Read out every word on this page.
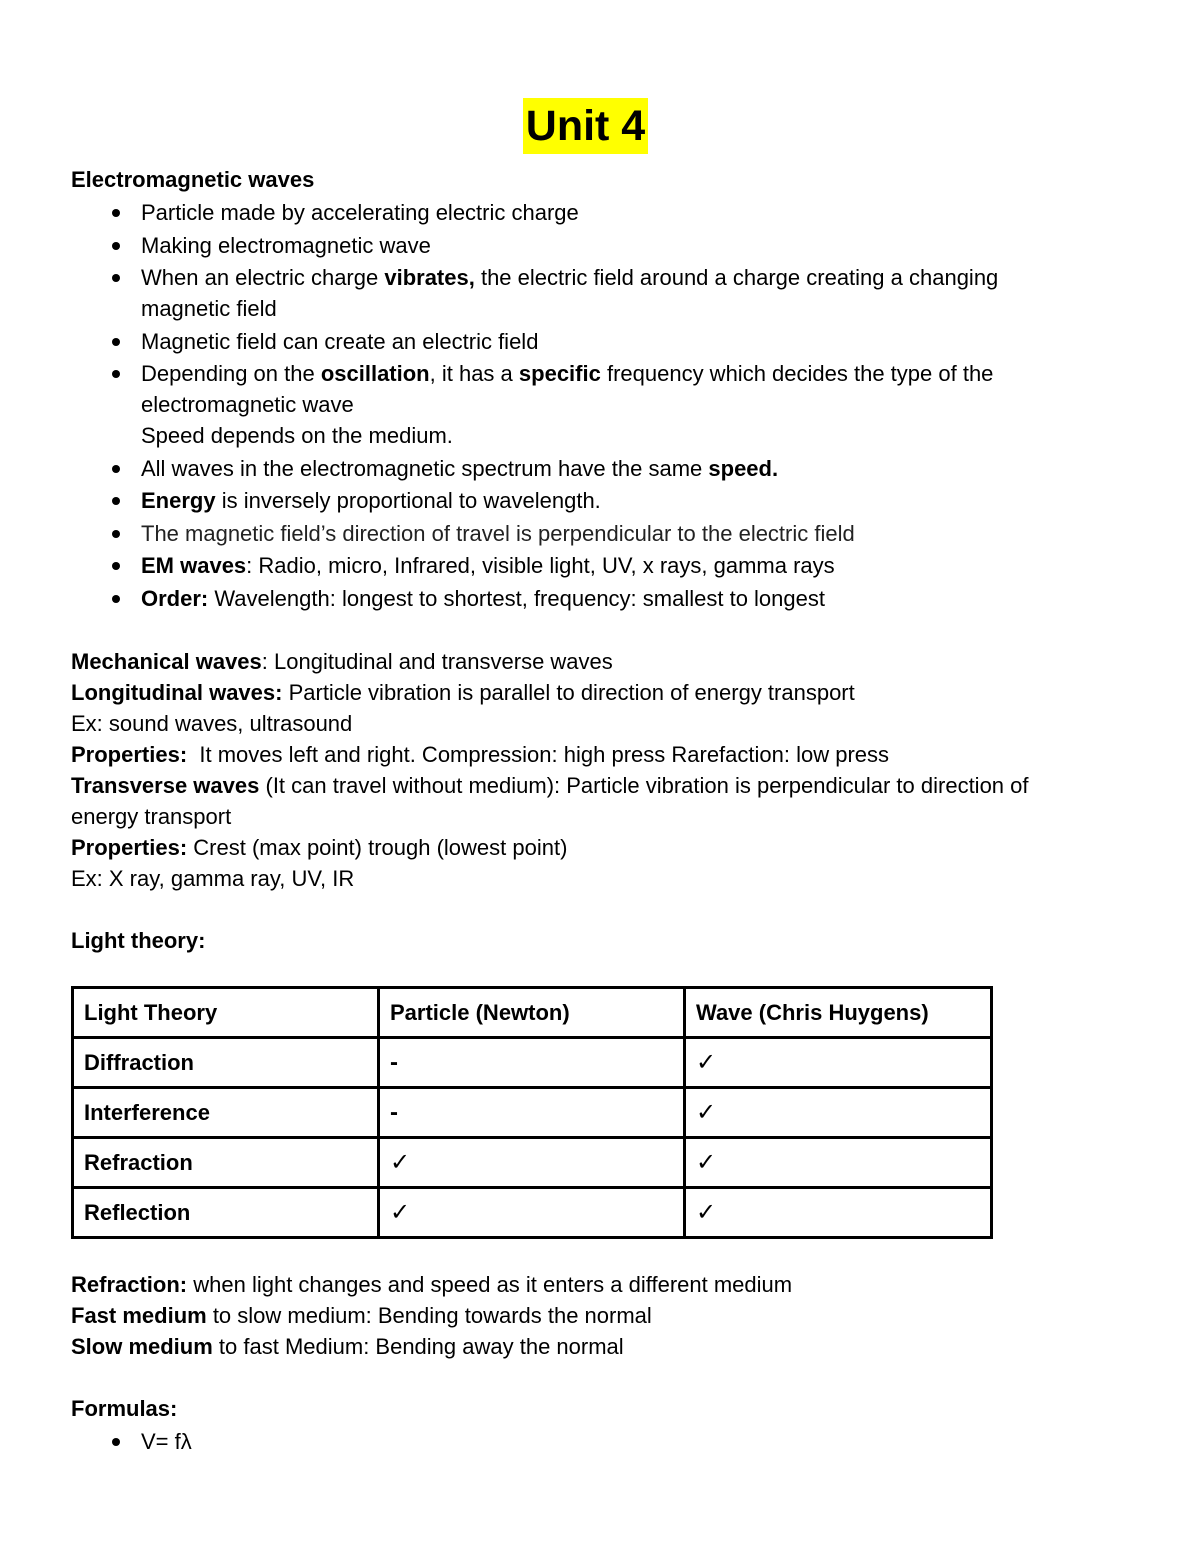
Unit 4

Electromagnetic waves

Particle made by accelerating electric charge
Making electromagnetic wave
When an electric charge vibrates, the electric field around a charge creating a changing
magnetic field
Magnetic field can create an electric field
Depending on the oscillation, it has a specific frequency which decides the type of the
electromagnetic wave
Speed depends on the medium.
All waves in the electromagnetic spectrum have the same speed.
Energy is inversely proportional to wavelength.
The magnetic field’s direction of travel is perpendicular to the electric field
EM waves: Radio, micro, Infrared, visible light, UV, x rays, gamma rays
Order: Wavelength: longest to shortest, frequency: smallest to longest

Mechanical waves: Longitudinal and transverse waves

Longitudinal waves: Particle vibration is parallel to direction of energy transport

Ex: sound waves, ultrasound

Properties:  It moves left and right. Compression: high press Rarefaction: low press

Transverse waves (It can travel without medium): Particle vibration is perpendicular to direction of
energy transport

Properties: Crest (max point) trough (lowest point)

Ex: X ray, gamma ray, UV, IR

Light theory:

Light Theory	Particle (Newton)	Wave (Chris Huygens)
Diffraction	-	✓
Interference	-	✓
Refraction	✓	✓
Reflection	✓	✓

Refraction: when light changes and speed as it enters a different medium

Fast medium to slow medium: Bending towards the normal

Slow medium to fast Medium: Bending away the normal

Formulas:

V= fλ
